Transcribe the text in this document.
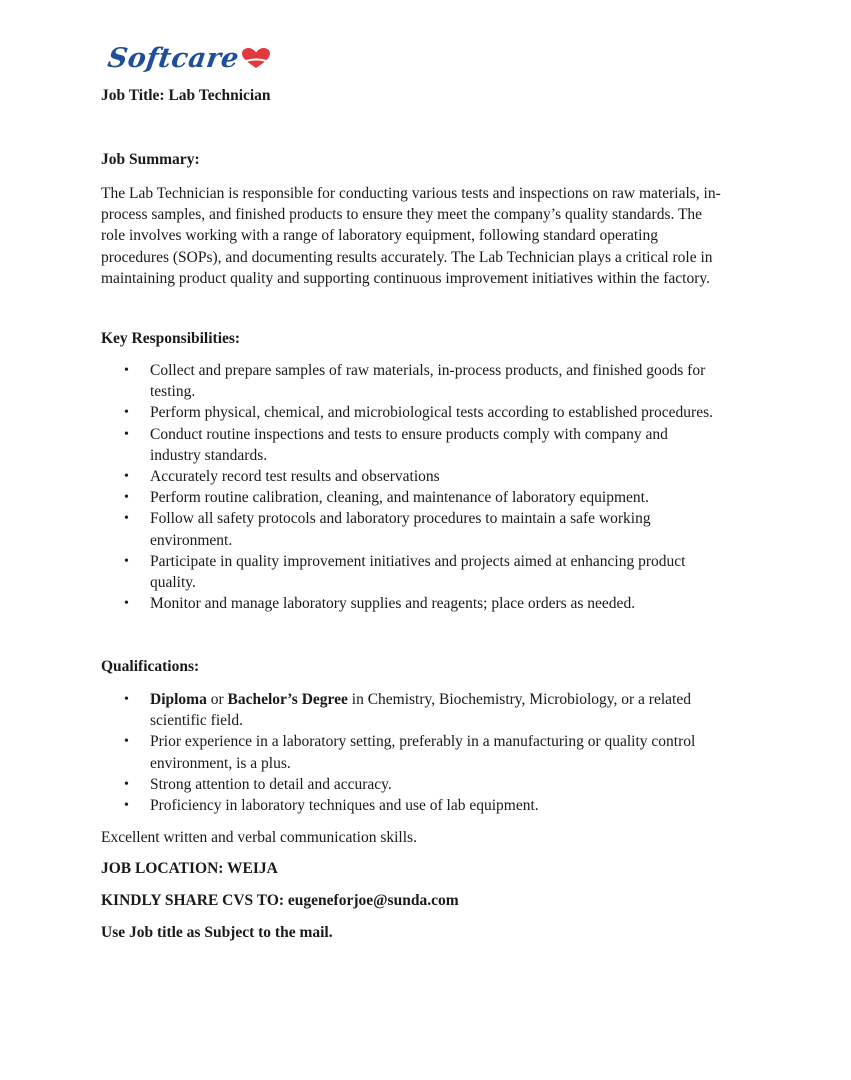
Softcare
Job Title: Lab Technician
Job Summary:
The Lab Technician is responsible for conducting various tests and inspections on raw materials, in-
process samples, and finished products to ensure they meet the company’s quality standards. The
role involves working with a range of laboratory equipment, following standard operating
procedures (SOPs), and documenting results accurately. The Lab Technician plays a critical role in
maintaining product quality and supporting continuous improvement initiatives within the factory.
Key Responsibilities:
• Collect and prepare samples of raw materials, in-process products, and finished goods for
testing.
• Perform physical, chemical, and microbiological tests according to established procedures.
• Conduct routine inspections and tests to ensure products comply with company and
industry standards.
• Accurately record test results and observations
• Perform routine calibration, cleaning, and maintenance of laboratory equipment.
• Follow all safety protocols and laboratory procedures to maintain a safe working
environment.
• Participate in quality improvement initiatives and projects aimed at enhancing product
quality.
• Monitor and manage laboratory supplies and reagents; place orders as needed.
Qualifications:
• Diploma or Bachelor’s Degree in Chemistry, Biochemistry, Microbiology, or a related
scientific field.
• Prior experience in a laboratory setting, preferably in a manufacturing or quality control
environment, is a plus.
• Strong attention to detail and accuracy.
• Proficiency in laboratory techniques and use of lab equipment.
Excellent written and verbal communication skills.
JOB LOCATION: WEIJA
KINDLY SHARE CVS TO: eugeneforjoe@sunda.com
Use Job title as Subject to the mail.
